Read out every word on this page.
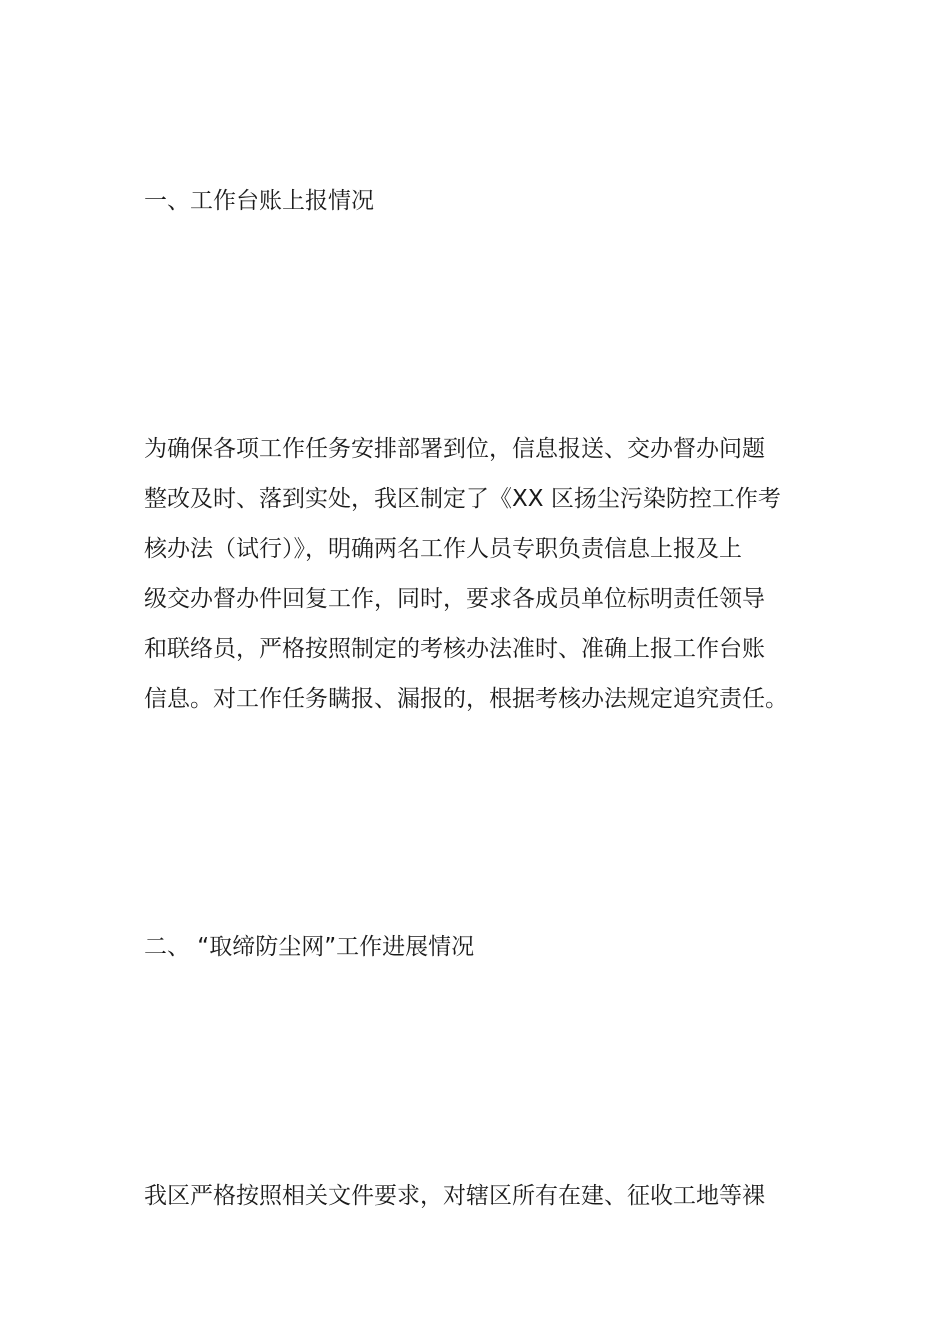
一、工作台账上报情况
为确保各项工作任务安排部署到位，信息报送、交办督办问题
整改及时、落到实处，我区制定了《XX 区扬尘污染防控工作考
核办法（试行）》，明确两名工作人员专职负责信息上报及上
级交办督办件回复工作，同时，要求各成员单位标明责任领导
和联络员，严格按照制定的考核办法准时、准确上报工作台账
信息。对工作任务瞒报、漏报的，根据考核办法规定追究责任。
二、 “取缔防尘网”工作进展情况
我区严格按照相关文件要求，对辖区所有在建、征收工地等裸
